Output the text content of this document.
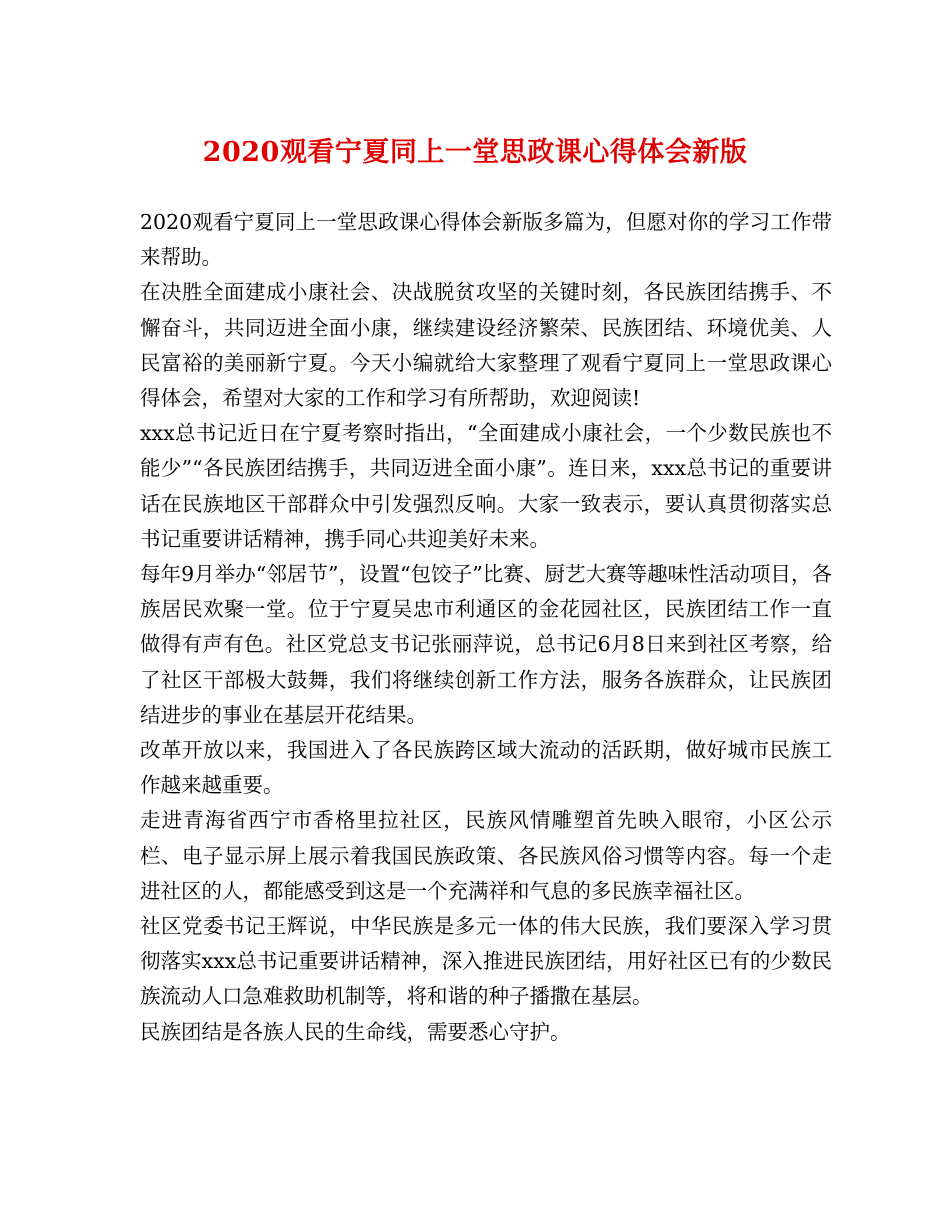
2020观看宁夏同上一堂思政课心得体会新版

2020观看宁夏同上一堂思政课心得体会新版多篇为，但愿对你的学习工作带来帮助。

在决胜全面建成小康社会、决战脱贫攻坚的关键时刻，各民族团结携手、不懈奋斗，共同迈进全面小康，继续建设经济繁荣、民族团结、环境优美、人民富裕的美丽新宁夏。今天小编就给大家整理了观看宁夏同上一堂思政课心得体会，希望对大家的工作和学习有所帮助，欢迎阅读!

xxx总书记近日在宁夏考察时指出，“全面建成小康社会，一个少数民族也不能少”“各民族团结携手，共同迈进全面小康”。连日来，xxx总书记的重要讲话在民族地区干部群众中引发强烈反响。大家一致表示，要认真贯彻落实总书记重要讲话精神，携手同心共迎美好未来。

每年9月举办“邻居节”，设置“包饺子”比赛、厨艺大赛等趣味性活动项目，各族居民欢聚一堂。位于宁夏吴忠市利通区的金花园社区，民族团结工作一直做得有声有色。社区党总支书记张丽萍说，总书记6月8日来到社区考察，给了社区干部极大鼓舞，我们将继续创新工作方法，服务各族群众，让民族团结进步的事业在基层开花结果。

改革开放以来，我国进入了各民族跨区域大流动的活跃期，做好城市民族工作越来越重要。

走进青海省西宁市香格里拉社区，民族风情雕塑首先映入眼帘，小区公示栏、电子显示屏上展示着我国民族政策、各民族风俗习惯等内容。每一个走进社区的人，都能感受到这是一个充满祥和气息的多民族幸福社区。

社区党委书记王辉说，中华民族是多元一体的伟大民族，我们要深入学习贯彻落实xxx总书记重要讲话精神，深入推进民族团结，用好社区已有的少数民族流动人口急难救助机制等，将和谐的种子播撒在基层。

民族团结是各族人民的生命线，需要悉心守护。
